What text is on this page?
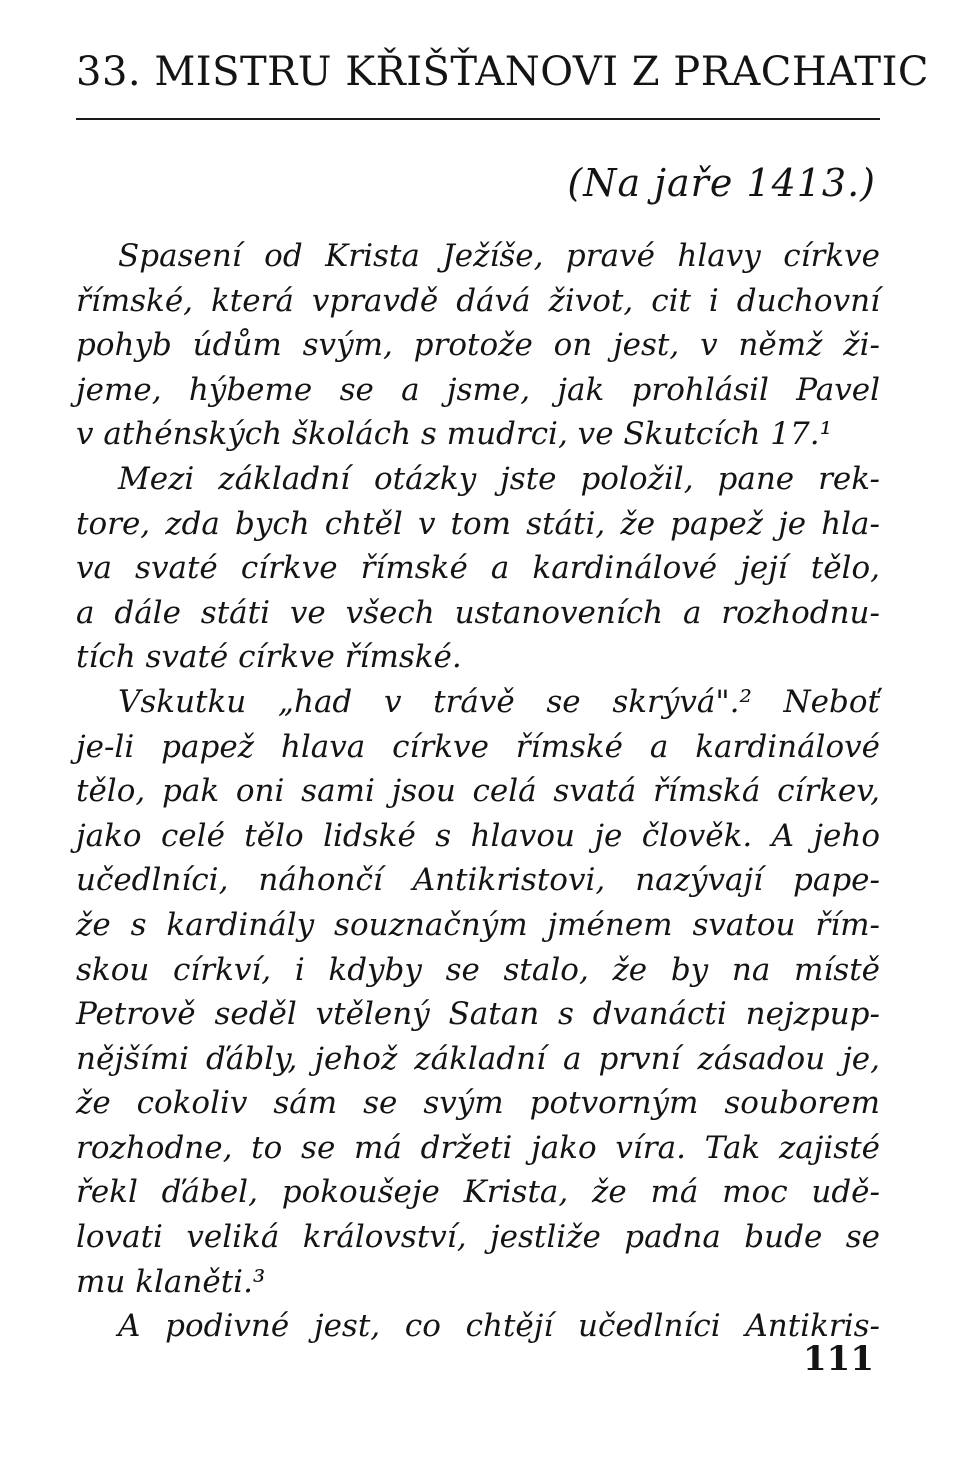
33. MISTRU KŘIŠŤANOVI Z PRACHATIC
(Na jaře 1413.)
Spasení od Krista Ježíše, pravé hlavy církve
římské, která vpravdě dává život, cit i duchovní
pohyb údům svým, protože on jest, v němž ži-
jeme, hýbeme se a jsme, jak prohlásil Pavel
v athénských školách s mudrci, ve Skutcích 17.¹
Mezi základní otázky jste položil, pane rek-
tore, zda bych chtěl v tom státi, že papež je hla-
va svaté církve římské a kardinálové její tělo,
a dále státi ve všech ustanoveních a rozhodnu-
tích svaté církve římské.
Vskutku „had v trávě se skrývá".² Neboť
je-li papež hlava církve římské a kardinálové
tělo, pak oni sami jsou celá svatá římská církev,
jako celé tělo lidské s hlavou je člověk. A jeho
učedlníci, náhončí Antikristovi, nazývají pape-
že s kardinály souznačným jménem svatou řím-
skou církví, i kdyby se stalo, že by na místě
Petrově seděl vtělený Satan s dvanácti nejzpup-
nějšími ďábly, jehož základní a první zásadou je,
že cokoliv sám se svým potvorným souborem
rozhodne, to se má držeti jako víra. Tak zajisté
řekl ďábel, pokoušeje Krista, že má moc udě-
lovati veliká království, jestliže padna bude se
mu klaněti.³
A podivné jest, co chtějí učedlníci Antikris-
111
